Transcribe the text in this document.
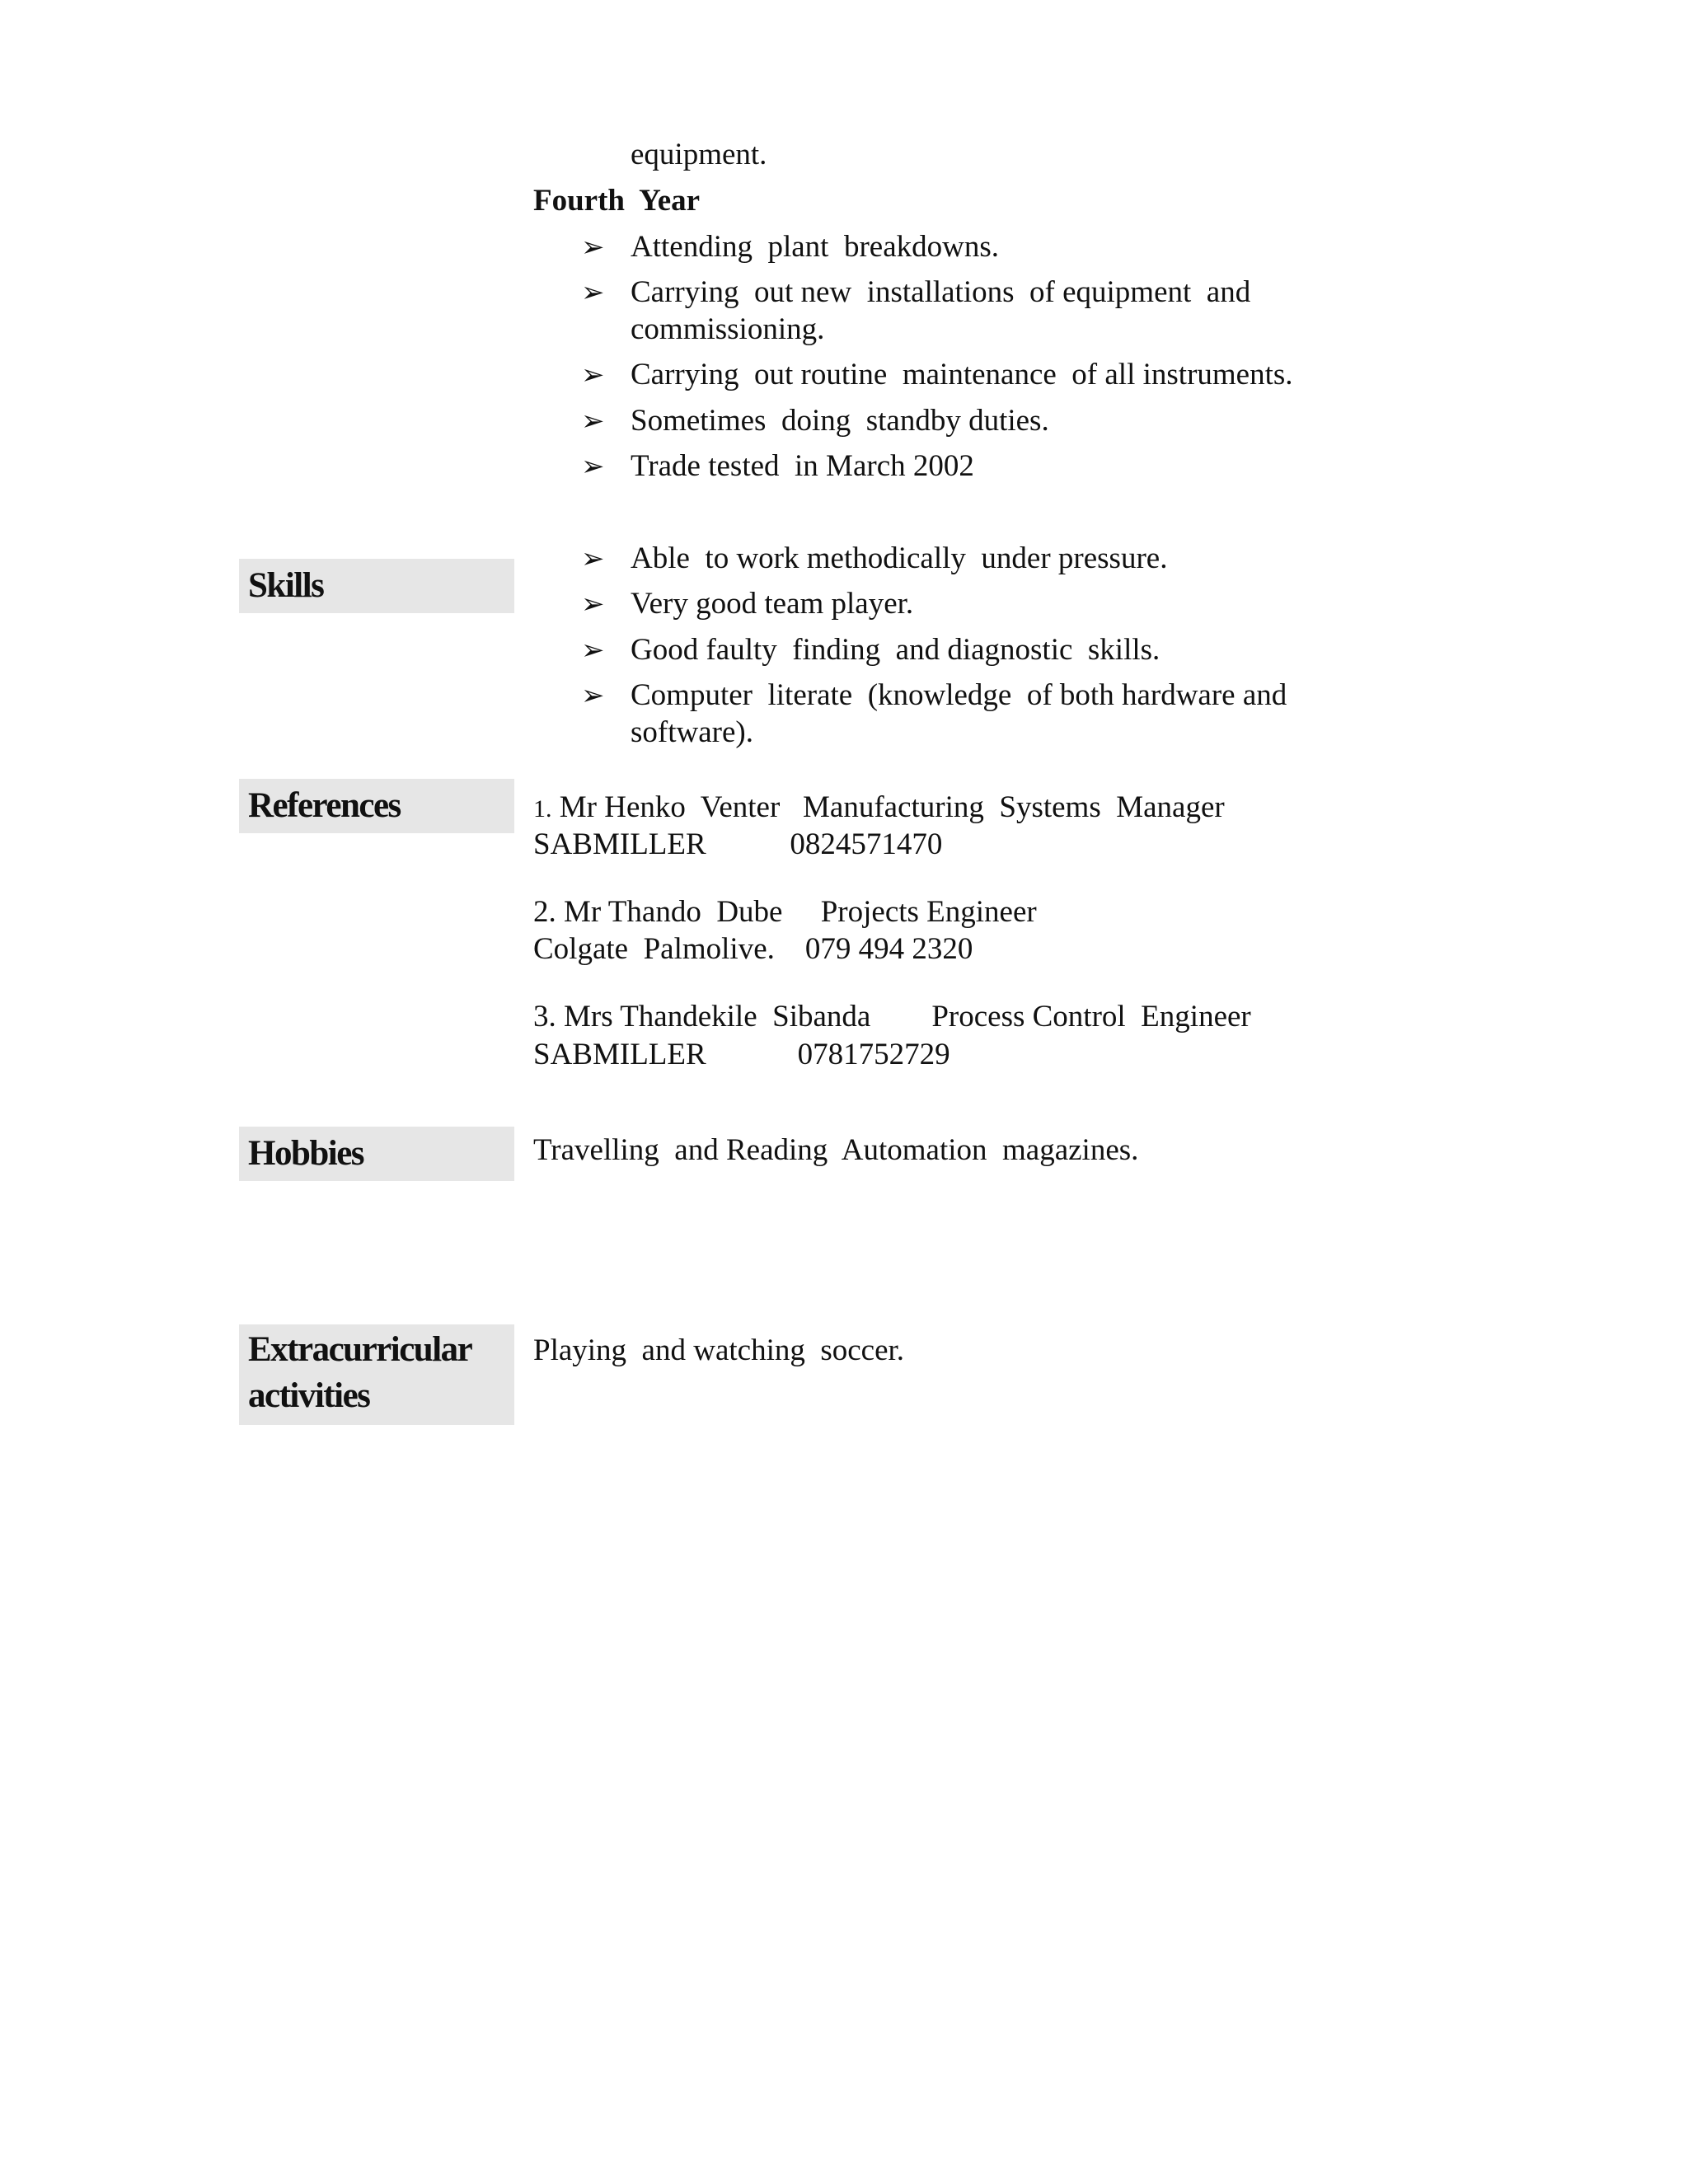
equipment.
Fourth  Year
➢ Attending  plant  breakdowns.
➢ Carrying  out new  installations  of equipment  and
commissioning.
➢ Carrying  out routine  maintenance  of all instruments.
➢ Sometimes  doing  standby duties.
➢ Trade tested  in March 2002
Skills
➢ Able  to work methodically  under pressure.
➢ Very good team player.
➢ Good faulty  finding  and diagnostic  skills.
➢ Computer  literate  (knowledge  of both hardware and
software).
References	1. Mr Henko  Venter   Manufacturing  Systems  Manager
SABMILLER           0824571470
2. Mr Thando  Dube     Projects Engineer
Colgate  Palmolive.    079 494 2320
3. Mrs Thandekile  Sibanda        Process Control  Engineer
SABMILLER            0781752729
Hobbies	Travelling  and Reading  Automation  magazines.
Extracurricular
activities
Playing  and watching  soccer.
